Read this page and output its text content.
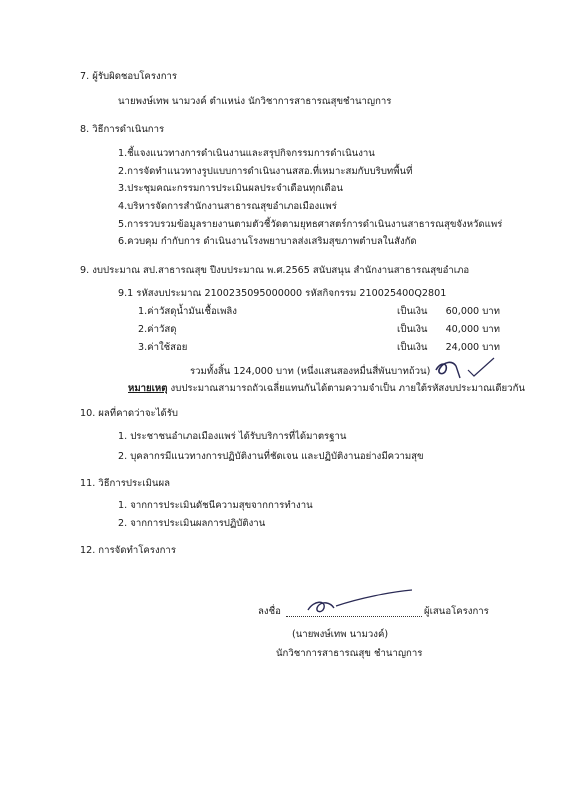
7. ผู้รับผิดชอบโครงการ
นายพงษ์เทพ นามวงค์ ตำแหน่ง นักวิชาการสาธารณสุขชำนาญการ
8. วิธีการดำเนินการ
1.ชี้แจงแนวทางการดำเนินงานและสรุปกิจกรรมการดำเนินงาน
2.การจัดทำแนวทางรูปแบบการดำเนินงานสสอ.ที่เหมาะสมกับบริบทพื้นที่
3.ประชุมคณะกรรมการประเมินผลประจำเดือนทุกเดือน
4.บริหารจัดการสำนักงานสาธารณสุขอำเภอเมืองแพร่
5.การรวบรวมข้อมูลรายงานตามตัวชี้วัดตามยุทธศาสตร์การดำเนินงานสาธารณสุขจังหวัดแพร่
6.ควบคุม กำกับการ ดำเนินงานโรงพยาบาลส่งเสริมสุขภาพตำบลในสังกัด
9. งบประมาณ สป.สาธารณสุข ปีงบประมาณ พ.ศ.2565 สนับสนุน สำนักงานสาธารณสุขอำเภอ
9.1 รหัสงบประมาณ 2100235095000000 รหัสกิจกรรม 210025400Q2801
1.ค่าวัสดุน้ำมันเชื้อเพลิง	เป็นเงิน	60,000 บาท
2.ค่าวัสดุ	เป็นเงิน	40,000 บาท
3.ค่าใช้สอย	เป็นเงิน	24,000 บาท
รวมทั้งสิ้น 124,000 บาท (หนึ่งแสนสองหมื่นสี่พันบาทถ้วน)
หมายเหตุ งบประมาณสามารถถัวเฉลี่ยแทนกันได้ตามความจำเป็น ภายใต้รหัสงบประมาณเดียวกัน
10. ผลที่คาดว่าจะได้รับ
1. ประชาชนอำเภอเมืองแพร่ ได้รับบริการที่ได้มาตรฐาน
2. บุคลากรมีแนวทางการปฏิบัติงานที่ชัดเจน และปฏิบัติงานอย่างมีความสุข
11. วิธีการประเมินผล
1. จากการประเมินดัชนีความสุขจากการทำงาน
2. จากการประเมินผลการปฏิบัติงาน
12. การจัดทำโครงการ
ลงชื่อ	ผู้เสนอโครงการ
(นายพงษ์เทพ นามวงค์)
นักวิชาการสาธารณสุข ชำนาญการ
